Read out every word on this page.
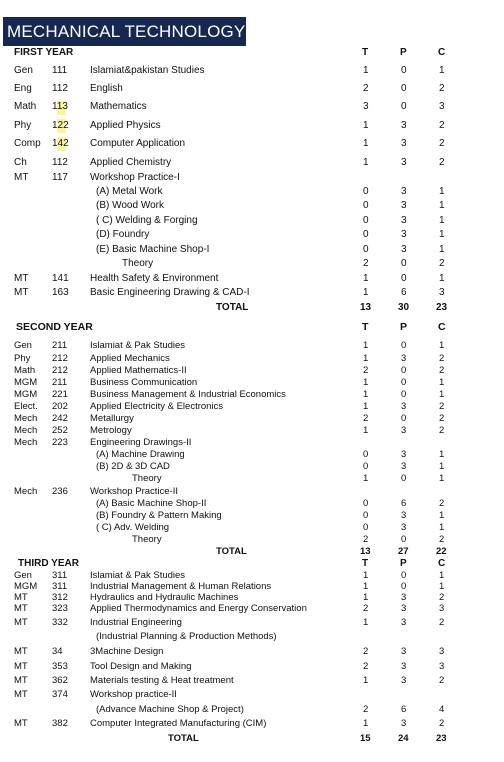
MECHANICAL TECHNOLOGY
FIRST YEAR	T	P	C
Gen 111 Islamiat&pakistan Studies	1	0	1
Eng 112 English	2	0	2
Math 113 Mathematics	3	0	3
Phy 122 Applied Physics	1	3	2
Comp 142 Computer Application	1	3	2
Ch	112 Applied Chemistry	1	3	2
MT 117 Workshop Practice-I
(A) Metal Work	0	3	1
(B) Wood Work	0	3	1
( C) Welding & Forging	0	3	1
(D) Foundry	0	3	1
(E) Basic Machine Shop-I	0	3	1
Theory	2	0	2
MT 141 Health Safety & Environment	1	0	1
MT 163 Basic Engineering Drawing & CAD-I	1	6	3
TOTAL	13	30	23
SECOND YEAR	T	P	C
Gen 211 Islamiat & Pak Studies	1	0	1
Phy 212 Applied Mechanics	1	3	2
Math 212 Applied Mathematics-II	2	0	2
MGM 211 Business Communication	1	0	1
MGM 221 Business Management & Industrial Economics	1	0	1
Elect. 202 Applied Electricity & Electronics	1	3	2
Mech 242 Metallurgy	2	0	2
Mech 252 Metrology	1	3	2
Mech 223 Engineering Drawings-II
(A) Machine Drawing	0	3	1
(B) 2D & 3D CAD	0	3	1
Theory	1	0	1
Mech 236 Workshop Practice-II
(A) Basic Machine Shop-II	0	6	2
(B) Foundry & Pattern Making	0	3	1
( C) Adv. Welding	0	3	1
Theory	2	0	2
TOTAL	13	27	22
THIRD YEAR	T	P	C
Gen 311 Islamiat & Pak Studies	1	0	1
MGM 311 Industrial Management & Human Relations	1	0	1
MT	312 Hydraulics and Hydraulic Machines	1	3	2
MT	323 Applied Thermodynamics and Energy Conservation	2	3	3
MT	332 Industrial Engineering	1	3	2
(Industrial Planning & Production Methods)
MT	34	3Machine Design	2	3	3
MT	353 Tool Design and Making	2	3	3
MT	362 Materials testing & Heat treatment	1	3	2
MT	374 Workshop practice-II
(Advance Machine Shop & Project)	2	6	4
MT	382 Computer Integrated Manufacturing (CIM)	1	3	2
TOTAL	15	24	23
